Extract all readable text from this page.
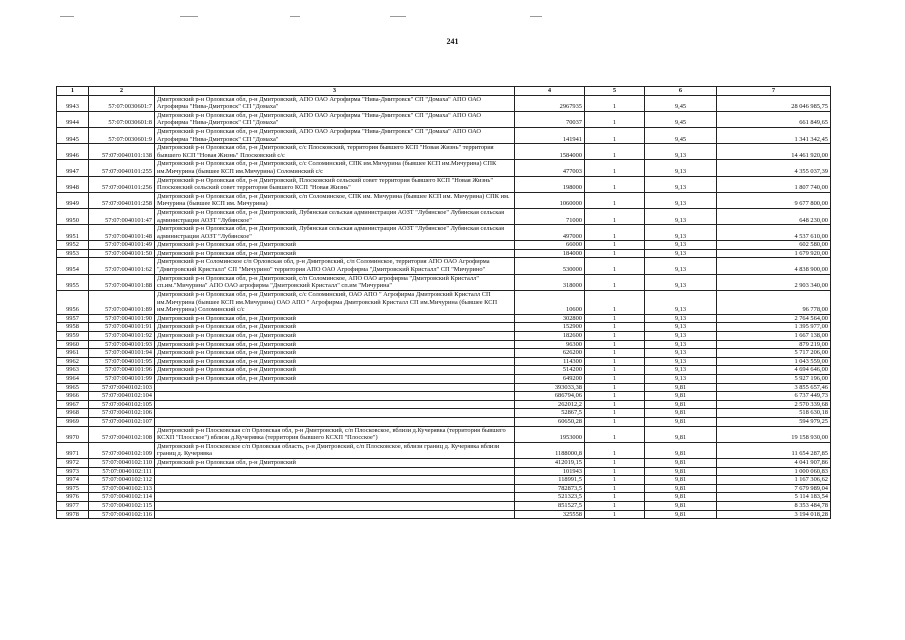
241
1	2	3	4	5	6	7
9943	57:07:0030601:7	Дмитровский р-н Орловская обл, р-н Дмитровский, АПО ОАО Агрофирма "Нива-Дмитровск" СП "Домаха" АПО ОАО Агрофирма "Нива-Дмитровск" СП "Домаха"	2967935	1	9,45	28 046 985,75
9944	57:07:0030601:8	Дмитровский р-н Орловская обл, р-н Дмитровский, АПО ОАО Агрофирма "Нива-Дмитровск" СП "Домаха" АПО ОАО Агрофирма "Нива-Дмитровск" СП "Домаха"	70037	1	9,45	661 849,65
9945	57:07:0030601:9	Дмитровский р-н Орловская обл, р-н Дмитровский, АПО ОАО Агрофирма "Нива-Дмитровск" СП "Домаха" АПО ОАО Агрофирма "Нива-Дмитровск" СП "Домаха"	141941	1	9,45	1 341 342,45
9946	57:07:0040101:138	Дмитровский р-н Орловская обл, р-н Дмитровский, с/с Плосковский, территория бывшего КСП "Новая Жизнь" территория бывшего КСП "Новая Жизнь" Плосковский с/с	1584000	1	9,13	14 461 920,00
9947	57:07:0040101:255	Дмитровский р-н Орловская обл, р-н Дмитровский, с/с Соломинский, СПК им.Мичурина (бывшее КСП им.Мичурина) СПК им.Мичурина (бывшее КСП им.Мичурина) Соломинский с/с	477003	1	9,13	4 355 037,39
9948	57:07:0040101:256	Дмитровский р-н Орловская обл, р-н Дмитровский, Плосковский сельский совет территория бывшего КСП "Новая Жизнь" Плосковский сельский совет территория бывшего КСП "Новая Жизнь"	198000	1	9,13	1 807 740,00
9949	57:07:0040101:258	Дмитровский р-н Орловская обл, р-н Дмитровский, с/п Соломинское, СПК им. Мичурина (бывшее КСП им. Мичурина) СПК им. Мичурина (бывшее КСП им. Мичурина)	1060000	1	9,13	9 677 800,00
9950	57:07:0040101:47	Дмитровский р-н Орловская обл, р-н Дмитровский, Лубянская сельская администрация АОЗТ "Лубянское" Лубянская сельская администрация АОЗТ "Лубянское"	71000	1	9,13	648 230,00
9951	57:07:0040101:48	Дмитровский р-н Орловская обл, р-н Дмитровский, Лубянская сельская администрация АОЗТ "Лубянское" Лубянская сельская администрация АОЗТ "Лубянское"	497000	1	9,13	4 537 610,00
9952	57:07:0040101:49	Дмитровский р-н Орловская обл, р-н Дмитровский	66000	1	9,13	602 580,00
9953	57:07:0040101:50	Дмитровский р-н Орловская обл, р-н Дмитровский	184000	1	9,13	1 679 920,00
9954	57:07:0040101:62	Дмитровский р-н Соломинское с/п Орловская обл, р-н Дмитровский, с/п Соломинское, территория АПО ОАО Агрофирма "Дмитровский Кристалл" СП "Мичурино" территория АПО ОАО Агрофирма "Дмитровский Кристалл" СП "Мичурино"	530000	1	9,13	4 838 900,00
9955	57:07:0040101:88	Дмитровский р-н Орловская обл, р-н Дмитровский, с/п Соломинское, АПО ОАО агрофирма "Дмитровский Кристалл" сп.им."Мичурина" АПО ОАО агрофирма "Дмитровский Кристалл" сп.им "Мичурина"	318000	1	9,13	2 903 340,00
9956	57:07:0040101:89	Дмитровский р-н Орловская обл, р-н Дмитровский, с/с Соломинский, ОАО АПО " Агрофирма Дмитровский Кристалл СП им.Мичурина (бывшее КСП им.Мичурина) ОАО АПО " Агрофирма Дмитровский Кристалл СП им.Мичурина (бывшее КСП им.Мичурина) Соломинский с/с	10600	1	9,13	96 778,00
9957	57:07:0040101:90	Дмитровский р-н Орловская обл, р-н Дмитровский	302800	1	9,13	2 764 564,00
9958	57:07:0040101:91	Дмитровский р-н Орловская обл, р-н Дмитровский	152900	1	9,13	1 395 977,00
9959	57:07:0040101:92	Дмитровский р-н Орловская обл, р-н Дмитровский	182600	1	9,13	1 667 138,00
9960	57:07:0040101:93	Дмитровский р-н Орловская обл, р-н Дмитровский	96300	1	9,13	879 219,00
9961	57:07:0040101:94	Дмитровский р-н Орловская обл, р-н Дмитровский	626200	1	9,13	5 717 206,00
9962	57:07:0040101:95	Дмитровский р-н Орловская обл, р-н Дмитровский	114300	1	9,13	1 043 559,00
9963	57:07:0040101:96	Дмитровский р-н Орловская обл, р-н Дмитровский	514200	1	9,13	4 694 646,00
9964	57:07:0040101:99	Дмитровский р-н Орловская обл, р-н Дмитровский	649200	1	9,13	5 927 196,00
9965	57:07:0040102:103		393033,38	1	9,81	3 855 657,46
9966	57:07:0040102:104		686794,06	1	9,81	6 737 449,73
9967	57:07:0040102:105		262012,2	1	9,81	2 570 339,68
9968	57:07:0040102:106		52867,5	1	9,81	518 630,18
9969	57:07:0040102:107		60650,28	1	9,81	594 979,25
9970	57:07:0040102:108	Дмитровский р-н Плосковская с/п Орловская обл, р-н Дмитровский, с/п Плосковское, вблизи д.Кучерявка (территория бывшего КСХП "Плосское") вблизи д.Кучерявка (территория бывшего КСХП "Плосское")	1953000	1	9,81	19 158 930,00
9971	57:07:0040102:109	Дмитровский р-н Плосковское с/п Орловская область, р-н Дмитровский, с/п Плосковское, вблизи границ д. Кучерявка вблизи границ д. Кучерявка	1188000,8	1	9,81	11 654 287,85
9972	57:07:0040102:110	Дмитровский р-н Орловская обл, р-н Дмитровский	412019,15	1	9,81	4 041 907,86
9973	57:07:0040102:111		101943	1	9,81	1 000 060,83
9974	57:07:0040102:112		118991,5	1	9,81	1 167 306,62
9975	57:07:0040102:113		782873,5	1	9,81	7 679 989,04
9976	57:07:0040102:114		521323,5	1	9,81	5 114 183,54
9977	57:07:0040102:115		851527,5	1	9,81	8 353 484,78
9978	57:07:0040102:116		325558	1	9,81	3 194 018,28
